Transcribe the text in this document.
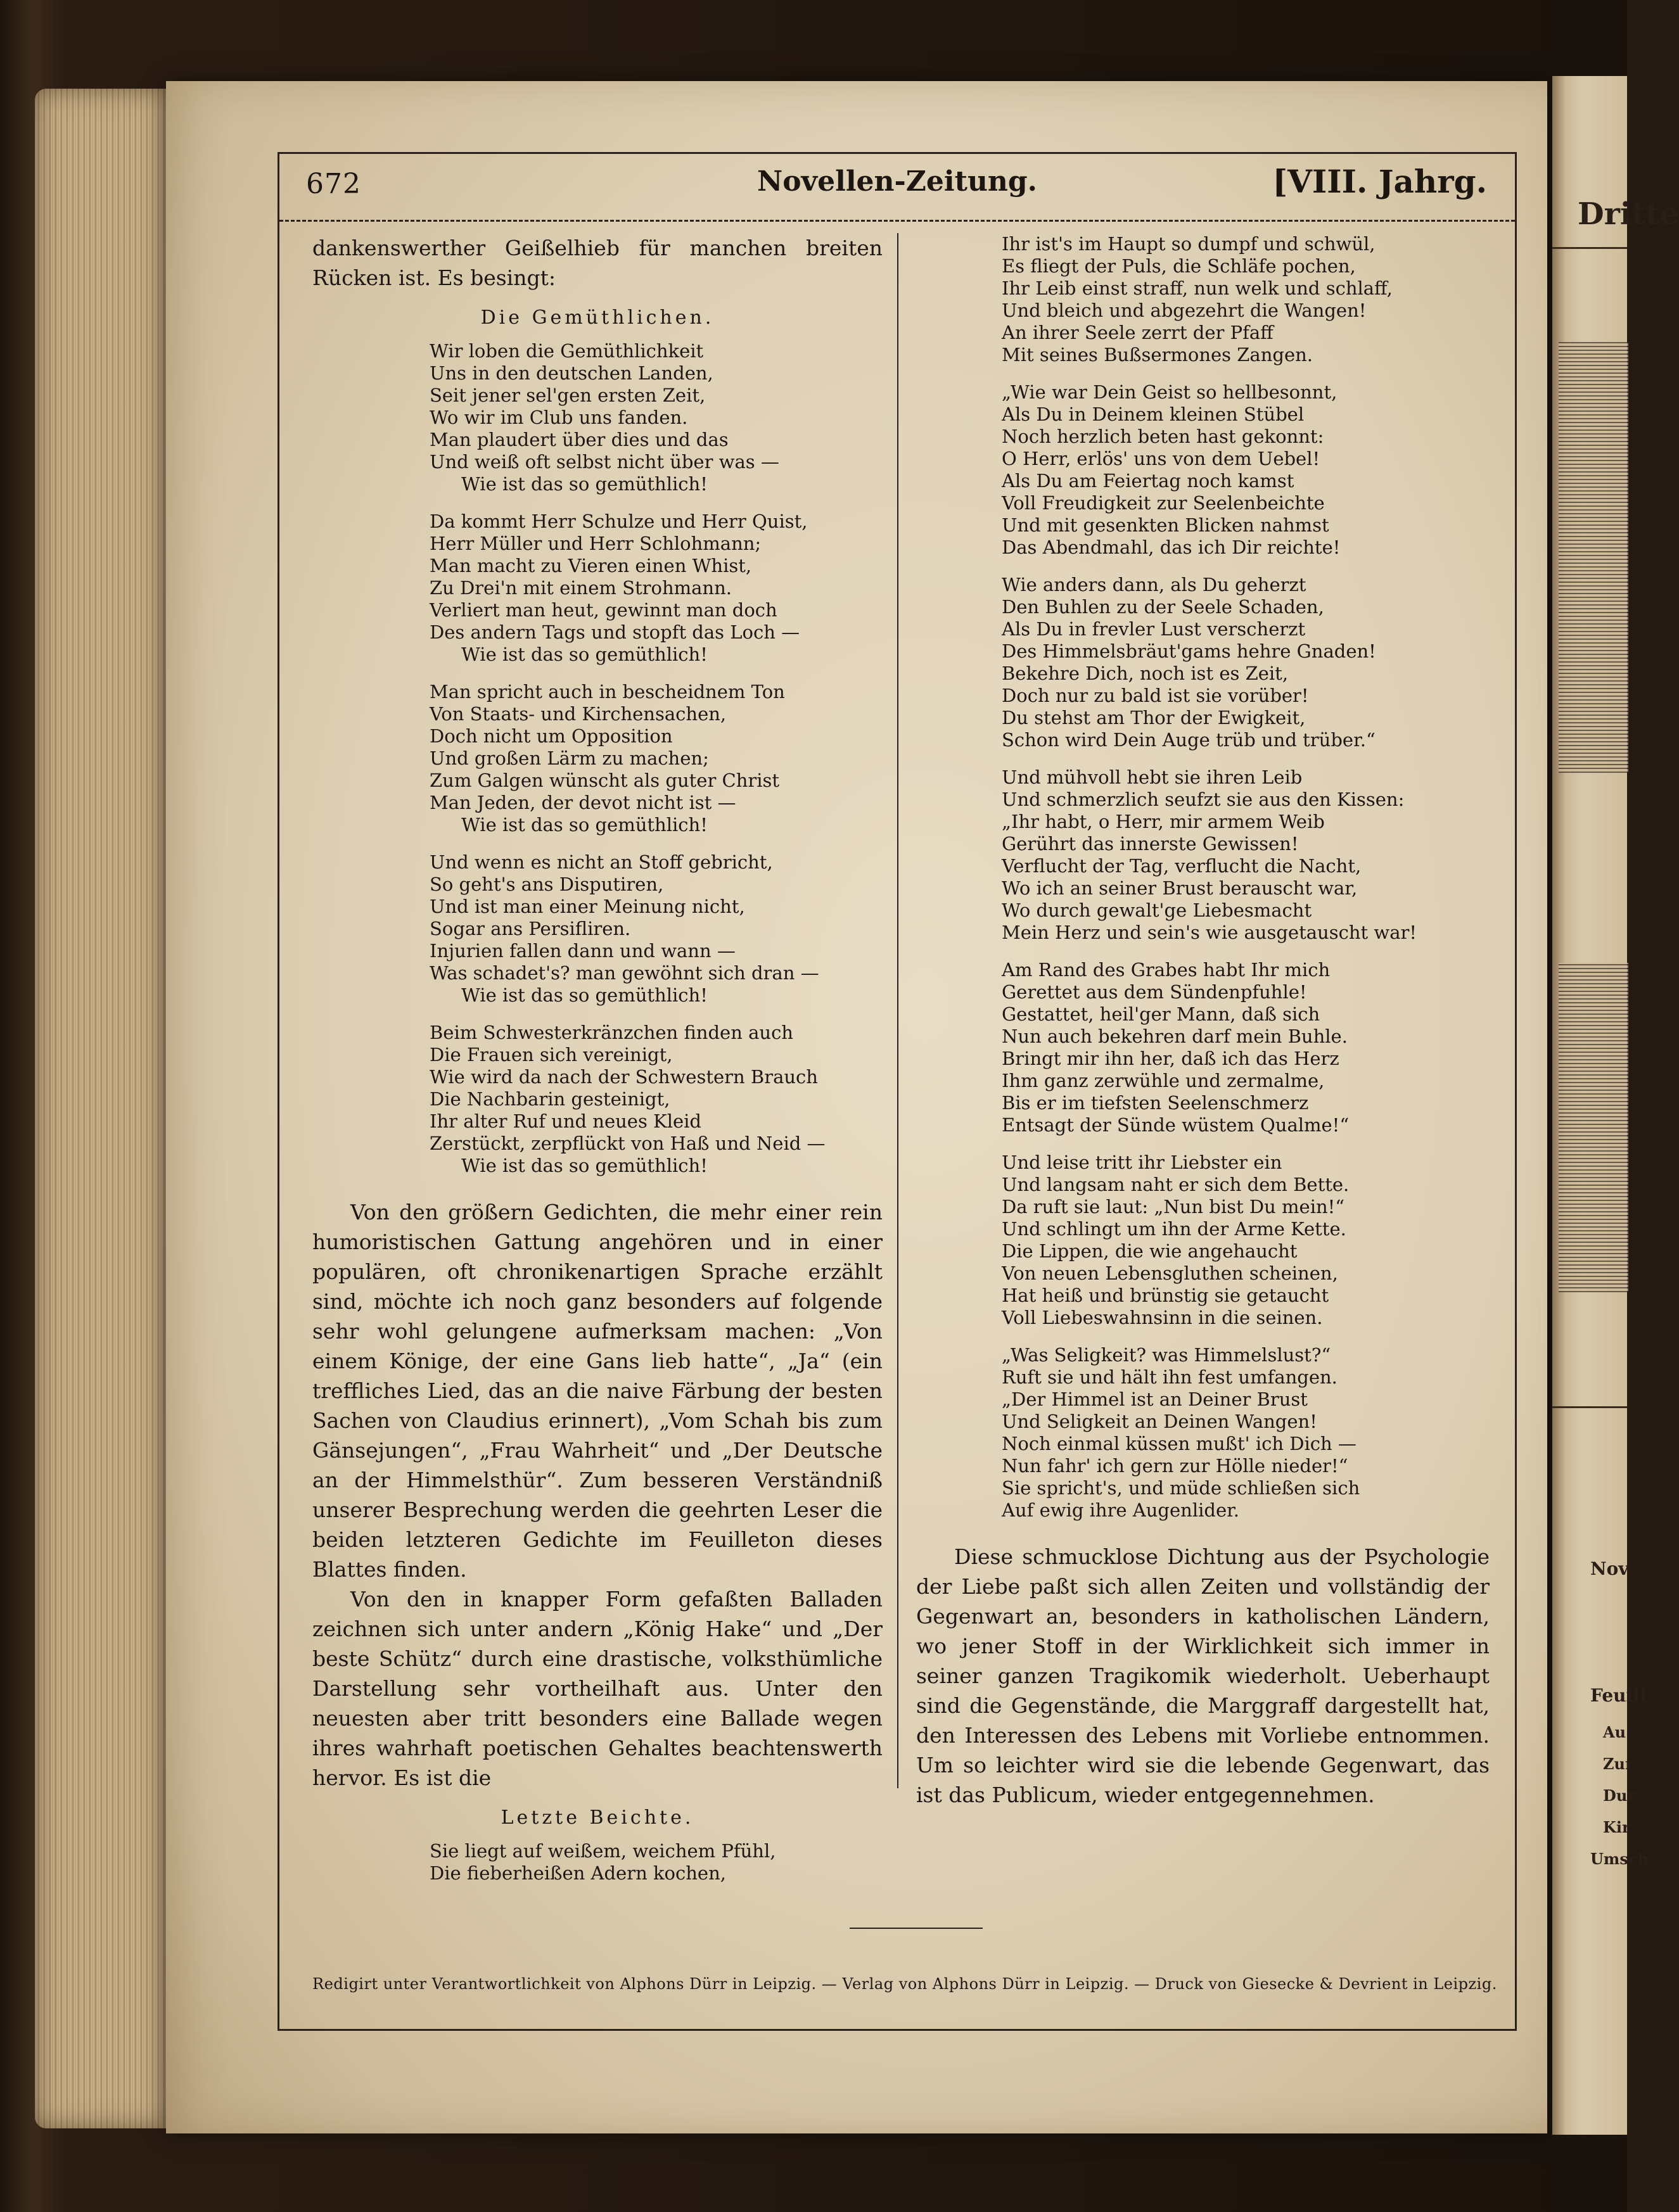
672	Novellen-Zeitung.	[VIII. Jahrg.

dankenswerther Geißelhieb für manchen breiten Rücken ist. Es besingt:

Die Gemüthlichen.
Wir loben die Gemüthlichkeit
Uns in den deutschen Landen,
Seit jener sel'gen ersten Zeit,
Wo wir im Club uns fanden.
Man plaudert über dies und das
Und weiß oft selbst nicht über was —
Wie ist das so gemüthlich!
Da kommt Herr Schulze und Herr Quist,
Herr Müller und Herr Schlohmann;
Man macht zu Vieren einen Whist,
Zu Drei'n mit einem Strohmann.
Verliert man heut, gewinnt man doch
Des andern Tags und stopft das Loch —
Wie ist das so gemüthlich!
Man spricht auch in bescheidnem Ton
Von Staats- und Kirchensachen,
Doch nicht um Opposition
Und großen Lärm zu machen;
Zum Galgen wünscht als guter Christ
Man Jeden, der devot nicht ist —
Wie ist das so gemüthlich!
Und wenn es nicht an Stoff gebricht,
So geht's ans Disputiren,
Und ist man einer Meinung nicht,
Sogar ans Persifliren.
Injurien fallen dann und wann —
Was schadet's? man gewöhnt sich dran —
Wie ist das so gemüthlich!
Beim Schwesterkränzchen finden auch
Die Frauen sich vereinigt,
Wie wird da nach der Schwestern Brauch
Die Nachbarin gesteinigt,
Ihr alter Ruf und neues Kleid
Zerstückt, zerpflückt von Haß und Neid —
Wie ist das so gemüthlich!

Von den größern Gedichten, die mehr einer rein humoristischen Gattung angehören und in einer populären, oft chronikenartigen Sprache erzählt sind, möchte ich noch ganz besonders auf folgende sehr wohl gelungene aufmerksam machen: „Von einem Könige, der eine Gans lieb hatte“, „Ja“ (ein treffliches Lied, das an die naive Färbung der besten Sachen von Claudius erinnert), „Vom Schah bis zum Gänsejungen“, „Frau Wahrheit“ und „Der Deutsche an der Himmelsthür“. Zum besseren Verständniß unserer Besprechung werden die geehrten Leser die beiden letzteren Gedichte im Feuilleton dieses Blattes finden.

Von den in knapper Form gefaßten Balladen zeichnen sich unter andern „König Hake“ und „Der beste Schütz“ durch eine drastische, volksthümliche Darstellung sehr vortheilhaft aus. Unter den neuesten aber tritt besonders eine Ballade wegen ihres wahrhaft poetischen Gehaltes beachtenswerth hervor. Es ist die

Letzte Beichte.
Sie liegt auf weißem, weichem Pfühl,
Die fieberheißen Adern kochen,
Ihr ist's im Haupt so dumpf und schwül,
Es fliegt der Puls, die Schläfe pochen,
Ihr Leib einst straff, nun welk und schlaff,
Und bleich und abgezehrt die Wangen!
An ihrer Seele zerrt der Pfaff
Mit seines Bußsermones Zangen.
„Wie war Dein Geist so hellbesonnt,
Als Du in Deinem kleinen Stübel
Noch herzlich beten hast gekonnt:
O Herr, erlös' uns von dem Uebel!
Als Du am Feiertag noch kamst
Voll Freudigkeit zur Seelenbeichte
Und mit gesenkten Blicken nahmst
Das Abendmahl, das ich Dir reichte!
Wie anders dann, als Du geherzt
Den Buhlen zu der Seele Schaden,
Als Du in frevler Lust verscherzt
Des Himmelsbräut'gams hehre Gnaden!
Bekehre Dich, noch ist es Zeit,
Doch nur zu bald ist sie vorüber!
Du stehst am Thor der Ewigkeit,
Schon wird Dein Auge trüb und trüber.“
Und mühvoll hebt sie ihren Leib
Und schmerzlich seufzt sie aus den Kissen:
„Ihr habt, o Herr, mir armem Weib
Gerührt das innerste Gewissen!
Verflucht der Tag, verflucht die Nacht,
Wo ich an seiner Brust berauscht war,
Wo durch gewalt'ge Liebesmacht
Mein Herz und sein's wie ausgetauscht war!
Am Rand des Grabes habt Ihr mich
Gerettet aus dem Sündenpfuhle!
Gestattet, heil'ger Mann, daß sich
Nun auch bekehren darf mein Buhle.
Bringt mir ihn her, daß ich das Herz
Ihm ganz zerwühle und zermalme,
Bis er im tiefsten Seelenschmerz
Entsagt der Sünde wüstem Qualme!“
Und leise tritt ihr Liebster ein
Und langsam naht er sich dem Bette.
Da ruft sie laut: „Nun bist Du mein!“
Und schlingt um ihn der Arme Kette.
Die Lippen, die wie angehaucht
Von neuen Lebensgluthen scheinen,
Hat heiß und brünstig sie getaucht
Voll Liebeswahnsinn in die seinen.
„Was Seligkeit? was Himmelslust?“
Ruft sie und hält ihn fest umfangen.
„Der Himmel ist an Deiner Brust
Und Seligkeit an Deinen Wangen!
Noch einmal küssen mußt' ich Dich —
Nun fahr' ich gern zur Hölle nieder!“
Sie spricht's, und müde schließen sich
Auf ewig ihre Augenlider.

Diese schmucklose Dichtung aus der Psychologie der Liebe paßt sich allen Zeiten und vollständig der Gegenwart an, besonders in katholischen Ländern, wo jener Stoff in der Wirklichkeit sich immer in seiner ganzen Tragikomik wiederholt. Ueberhaupt sind die Gegenstände, die Marggraff dargestellt hat, den Interessen des Lebens mit Vorliebe entnommen. Um so leichter wird sie die lebende Gegenwart, das ist das Publicum, wieder entgegennehmen.

Redigirt unter Verantwortlichkeit von Alphons Dürr in Leipzig. — Verlag von Alphons Dürr in Leipzig. — Druck von Giesecke & Devrient in Leipzig.
Dritte
Nov
Feuill
Au
Zur
Dur
Kir
Umsch
